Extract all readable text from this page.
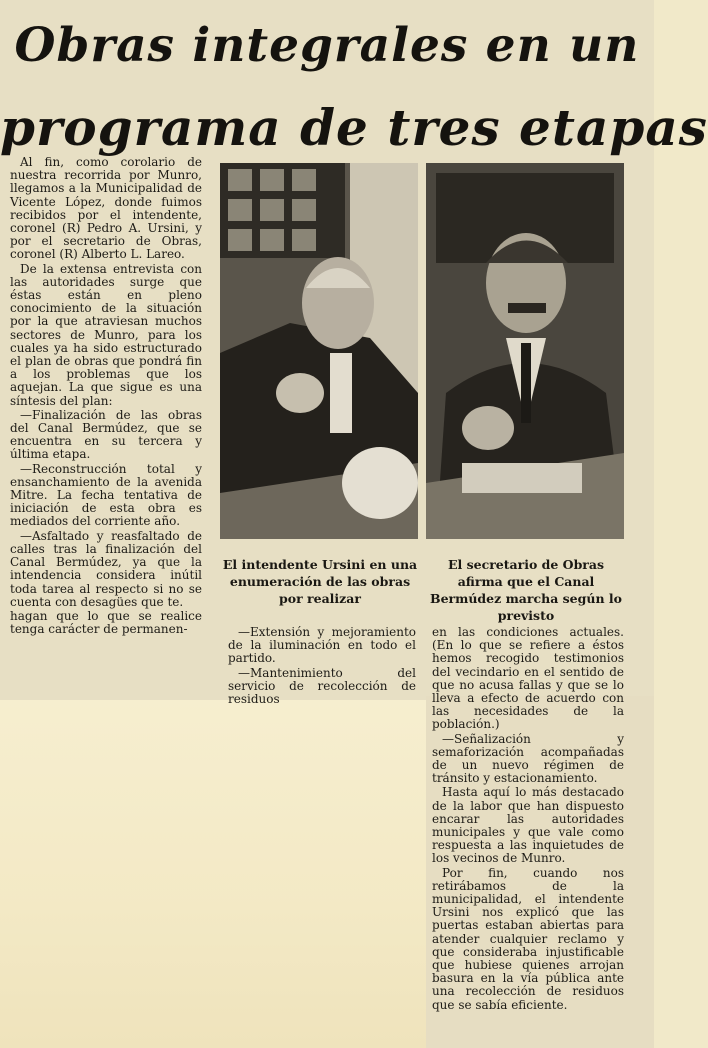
Obras integrales en un
programa de tres etapas

Al fin, como corolario de nuestra recorrida por Munro, llegamos a la Municipalidad de Vicente López, donde fuimos recibidos por el intendente, coronel (R) Pedro A. Ursini, y por el secretario de Obras, coronel (R) Alberto L. Lareo.

De la extensa entrevista con las autoridades surge que éstas están en pleno conocimiento de la situación por la que atraviesan muchos sectores de Munro, para los cuales ya ha sido estructurado el plan de obras que pondrá fin a los problemas que los aquejan. La que sigue es una síntesis del plan:

—Finalización de las obras del Canal Bermúdez, que se encuentra en su tercera y última etapa.

—Reconstrucción total y ensanchamiento de la avenida Mitre. La fecha tentativa de iniciación de esta obra es mediados del corriente año.

—Asfaltado y reasfaltado de calles tras la finalización del Canal Bermúdez, ya que la intendencia considera inútil toda tarea al respecto si no se cuenta con desagües que te.

hagan que lo que se realice tenga carácter de permanen-

El intendente Ursini en una enumeración de las obras por realizar

El secretario de Obras afirma que el Canal Bermúdez marcha según lo previsto

—Extensión y mejoramiento de la iluminación en todo el partido.

—Mantenimiento del servicio de recolección de residuos

en las condiciones actuales. (En lo que se refiere a éstos hemos recogido testimonios del vecindario en el sentido de que no acusa fallas y que se lo lleva a efecto de acuerdo con las necesidades de la población.)

—Señalización y semaforización acompañadas de un nuevo régimen de tránsito y estacionamiento.

Hasta aquí lo más destacado de la labor que han dispuesto encarar las autoridades municipales y que vale como respuesta a las inquietudes de los vecinos de Munro.

Por fin, cuando nos retirábamos de la municipalidad, el intendente Ursini nos explicó que las puertas estaban abiertas para atender cualquier reclamo y que consideraba injustificable que hubiese quienes arrojan basura en la vía pública ante una recolección de residuos que se sabía eficiente.
